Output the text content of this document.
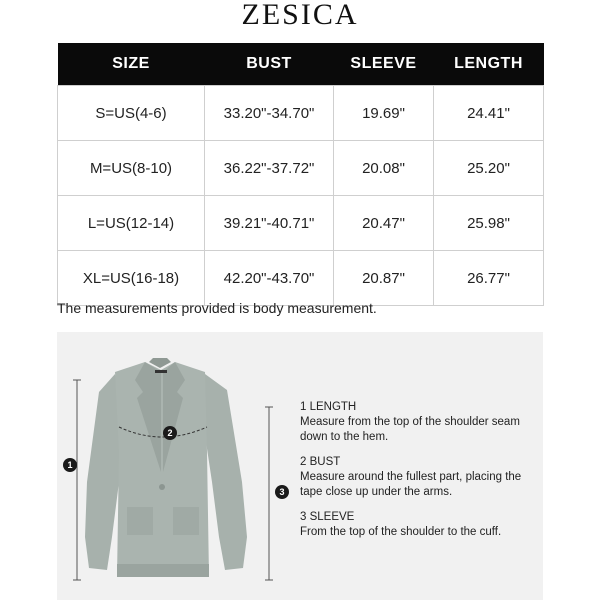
ZESICA
SIZE	BUST	SLEEVE	LENGTH
S=US(4-6)	33.20"-34.70"	19.69"	24.41"
M=US(8-10)	36.22"-37.72"	20.08"	25.20"
L=US(12-14)	39.21"-40.71"	20.47"	25.98"
XL=US(16-18)	42.20"-43.70"	20.87"	26.77"
The measurements provided is body measurement.
1
2
3
1 LENGTH
Measure from the top of the shoulder seam down to the hem.
2 BUST
Measure around the fullest part, placing the tape close up under the arms.
3 SLEEVE
From the top of the shoulder to the cuff.
